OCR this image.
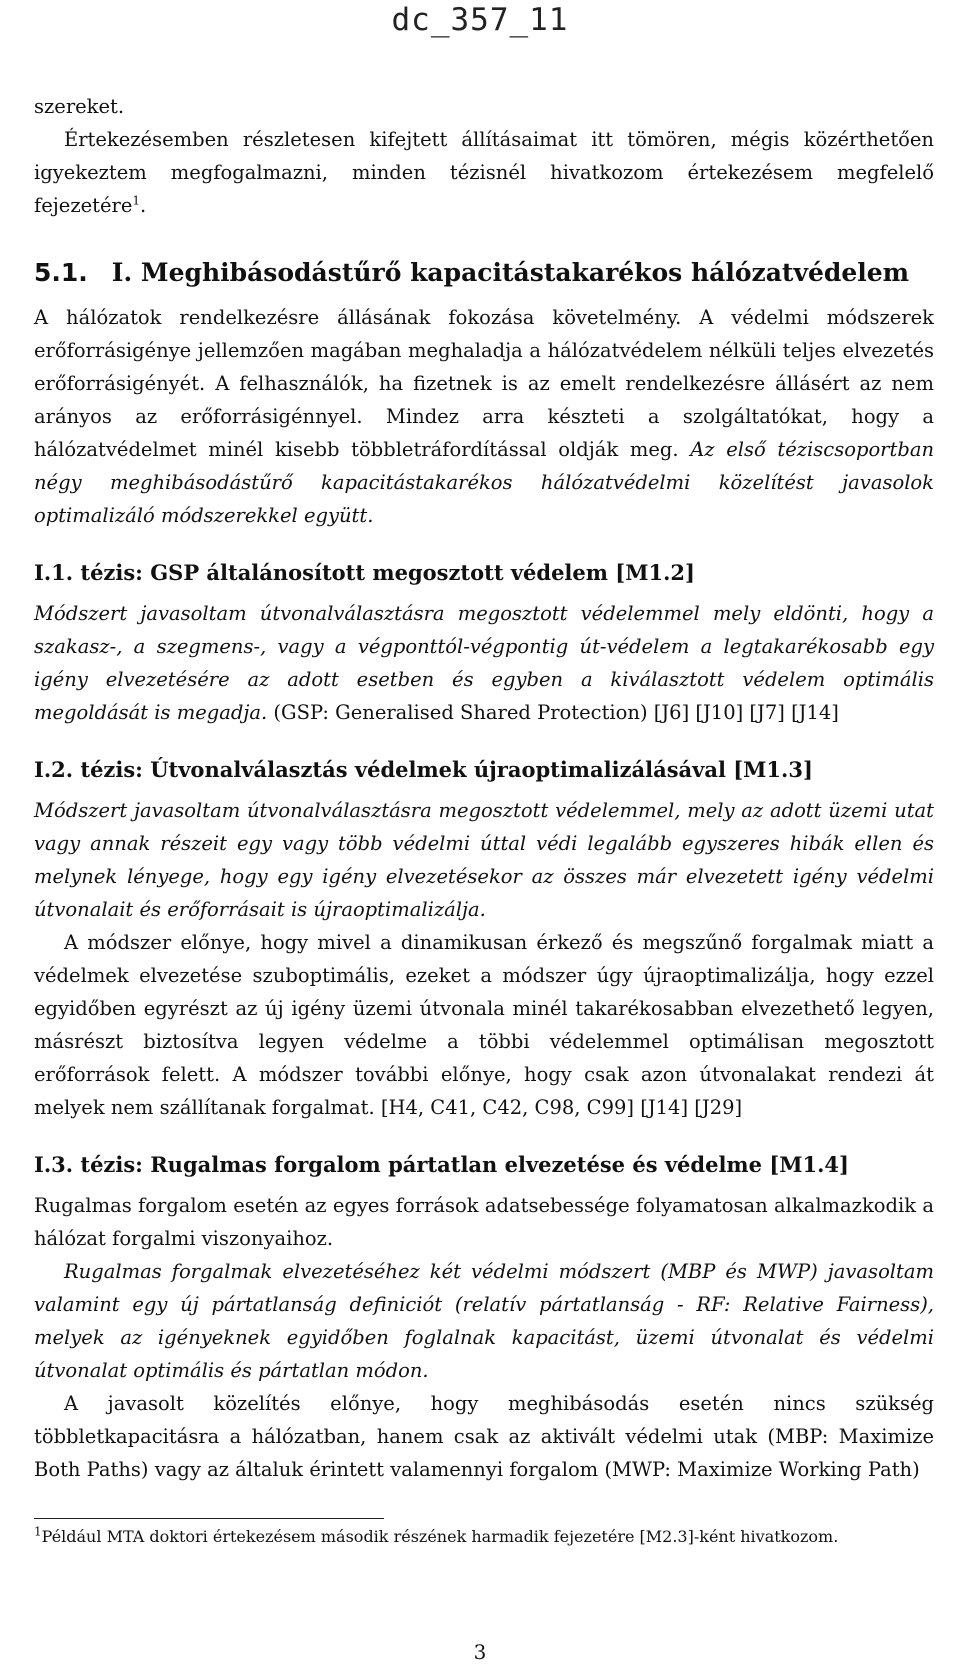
dc_357_11

szereket.

Értekezésemben részletesen kifejtett állításaimat itt tömören, mégis közérthetően igyekeztem megfogalmazni, minden tézisnél hivatkozom értekezésem megfelelő fejezetére$^1$.

5.1. I. Meghibásodástűrő kapacitástakarékos hálózatvédelem

A hálózatok rendelkezésre állásának fokozása követelmény. A védelmi módszerek erőforrásigénye jellemzően magában meghaladja a hálózatvédelem nélküli teljes elvezetés erőforrásigényét. A felhasználók, ha fizetnek is az emelt rendelkezésre állásért az nem arányos az erőforrásigénnyel. Mindez arra készteti a szolgáltatókat, hogy a hálózatvédelmet minél kisebb többletráfordítással oldják meg. Az első téziscsoportban négy meghibásodástűrő kapacitástakarékos hálózatvédelmi közelítést javasolok optimalizáló módszerekkel együtt.

I.1. tézis: GSP általánosított megosztott védelem [M1.2]

Módszert javasoltam útvonalválasztásra megosztott védelemmel mely eldönti, hogy a szakasz-, a szegmens-, vagy a végponttól-végpontig út-védelem a legtakarékosabb egy igény elvezetésére az adott esetben és egyben a kiválasztott védelem optimális megoldását is megadja. (GSP: Generalised Shared Protection) [J6] [J10] [J7] [J14]

I.2. tézis: Útvonalválasztás védelmek újraoptimalizálásával [M1.3]

Módszert javasoltam útvonalválasztásra megosztott védelemmel, mely az adott üzemi utat vagy annak részeit egy vagy több védelmi úttal védi legalább egyszeres hibák ellen és melynek lényege, hogy egy igény elvezetésekor az összes már elvezetett igény védelmi útvonalait és erőforrásait is újraoptimalizálja.

A módszer előnye, hogy mivel a dinamikusan érkező és megszűnő forgalmak miatt a védelmek elvezetése szuboptimális, ezeket a módszer úgy újraoptimalizálja, hogy ezzel egyidőben egyrészt az új igény üzemi útvonala minél takarékosabban elvezethető legyen, másrészt biztosítva legyen védelme a többi védelemmel optimálisan megosztott erőforrások felett. A módszer további előnye, hogy csak azon útvonalakat rendezi át melyek nem szállítanak forgalmat. [H4, C41, C42, C98, C99] [J14] [J29]

I.3. tézis: Rugalmas forgalom pártatlan elvezetése és védelme [M1.4]

Rugalmas forgalom esetén az egyes források adatsebessége folyamatosan alkalmazkodik a hálózat forgalmi viszonyaihoz.

Rugalmas forgalmak elvezetéséhez két védelmi módszert (MBP és MWP) javasoltam valamint egy új pártatlanság definiciót (relatív pártatlanság - RF: Relative Fairness), melyek az igényeknek egyidőben foglalnak kapacitást, üzemi útvonalat és védelmi útvonalat optimális és pártatlan módon.

A javasolt közelítés előnye, hogy meghibásodás esetén nincs szükség többletkapacitásra a hálózatban, hanem csak az aktivált védelmi utak (MBP: Maximize Both Paths) vagy az általuk érintett valamennyi forgalom (MWP: Maximize Working Path)

$^1$Például MTA doktori értekezésem második részének harmadik fejezetére [M2.3]-ként hivatkozom.
3
